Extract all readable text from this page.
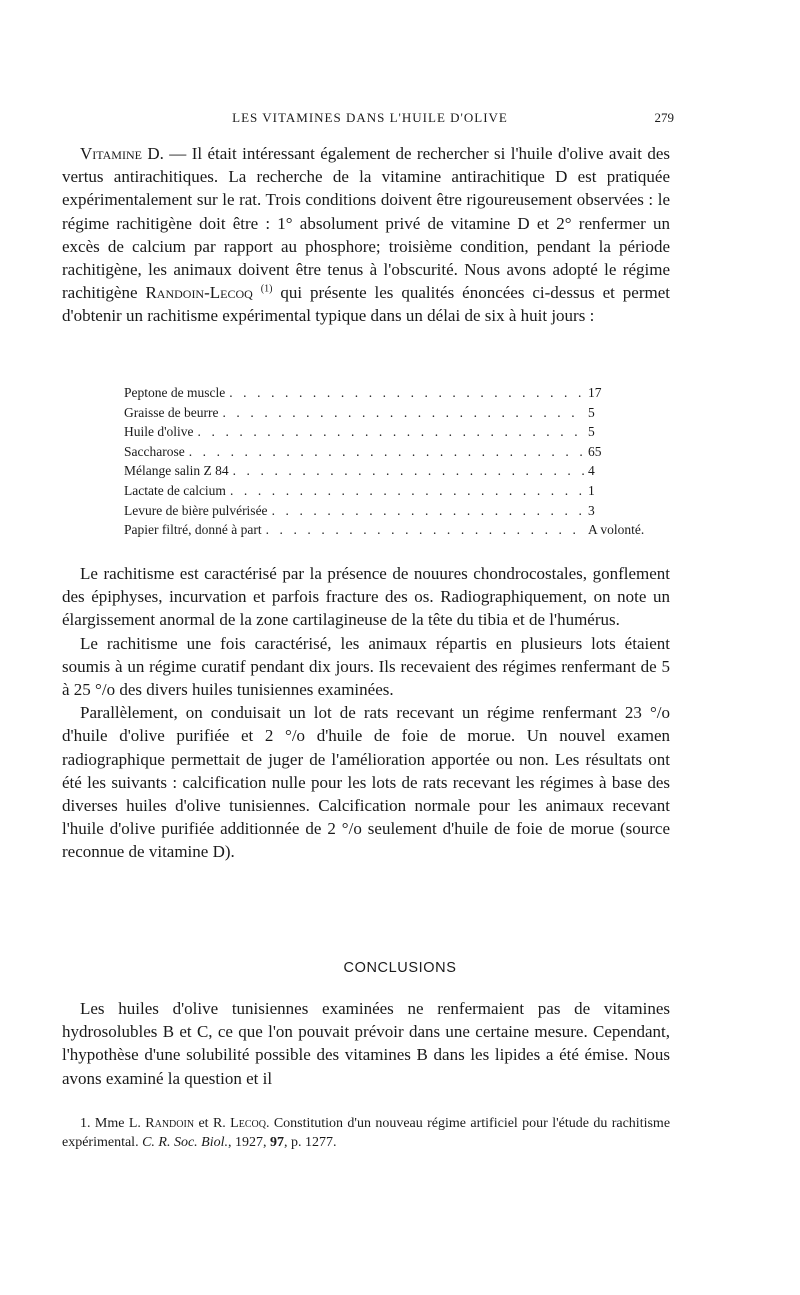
LES VITAMINES DANS L'HUILE D'OLIVE	279
Vitamine D. — Il était intéressant également de rechercher si l'huile d'olive avait des vertus antirachitiques. La recherche de la vitamine antirachitique D est pratiquée expérimentalement sur le rat. Trois conditions doivent être rigoureusement observées : le régime rachitigène doit être : 1° absolument privé de vitamine D et 2° renfermer un excès de calcium par rapport au phosphore; troisième condition, pendant la période rachitigène, les animaux doivent être tenus à l'obscurité. Nous avons adopté le régime rachitigène Randoin-Lecoq $^{(1)}$ qui présente les qualités énoncées ci-dessus et permet d'obtenir un rachitisme expérimental typique dans un délai de six à huit jours :
Peptone de muscle . . .	17
Graisse de beurre . . .	5
Huile d'olive . . .	5
Saccharose . . .	65
Mélange salin Z 84 . . .	4
Lactate de calcium . . .	1
Levure de bière pulvérisée . . .	3
Papier filtré, donné à part . . .	A volonté.

Le rachitisme est caractérisé par la présence de nouures chondrocostales, gonflement des épiphyses, incurvation et parfois fracture des os. Radiographiquement, on note un élargissement anormal de la zone cartilagineuse de la tête du tibia et de l'humérus.

Le rachitisme une fois caractérisé, les animaux répartis en plusieurs lots étaient soumis à un régime curatif pendant dix jours. Ils recevaient des régimes renfermant de 5 à 25 °/o des divers huiles tunisiennes examinées.

Parallèlement, on conduisait un lot de rats recevant un régime renfermant 23 °/o d'huile d'olive purifiée et 2 °/o d'huile de foie de morue. Un nouvel examen radiographique permettait de juger de l'amélioration apportée ou non. Les résultats ont été les suivants : calcification nulle pour les lots de rats recevant les régimes à base des diverses huiles d'olive tunisiennes. Calcification normale pour les animaux recevant l'huile d'olive purifiée additionnée de 2 °/o seulement d'huile de foie de morue (source reconnue de vitamine D).

CONCLUSIONS

Les huiles d'olive tunisiennes examinées ne renfermaient pas de vitamines hydrosolubles B et C, ce que l'on pouvait prévoir dans une certaine mesure. Cependant, l'hypothèse d'une solubilité possible des vitamines B dans les lipides a été émise. Nous avons examiné la question et il

1. Mme L. Randoin et R. Lecoq. Constitution d'un nouveau régime artificiel pour l'étude du rachitisme expérimental. C. R. Soc. Biol., 1927, 97, p. 1277.
